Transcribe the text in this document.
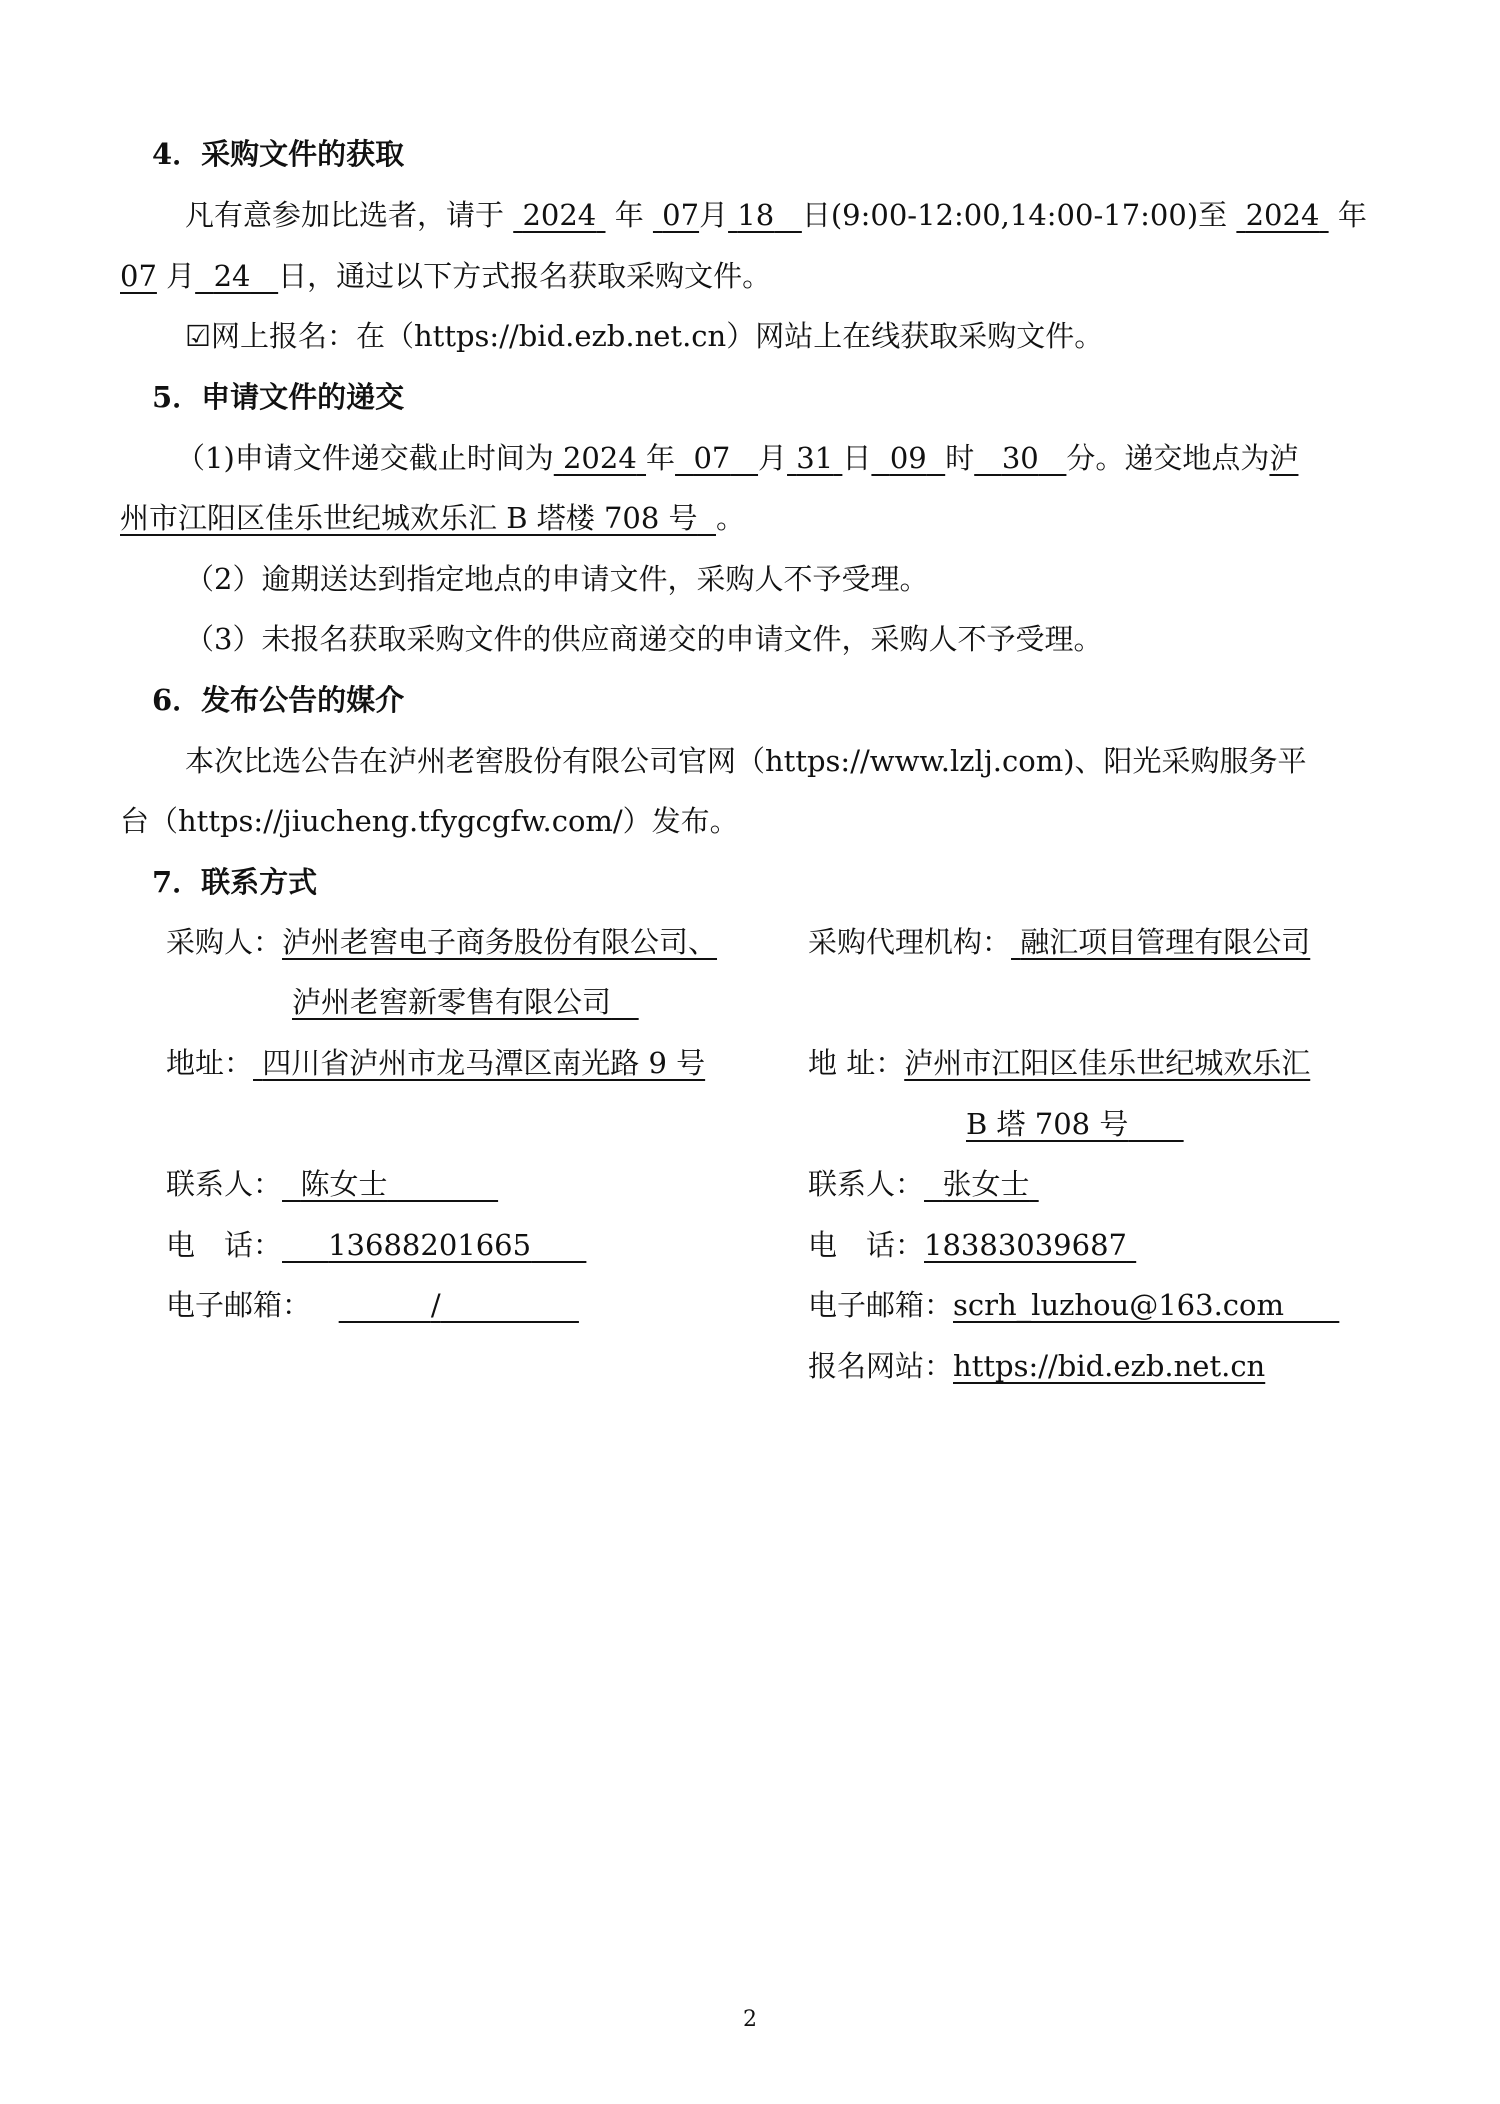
4．采购文件的获取
凡有意参加比选者，请于 2024 年 07月 18 日(9:00-12:00,14:00-17:00)至 2024 年
07 月 24 日，通过以下方式报名获取采购文件。
☑网上报名：在（https://bid.ezb.net.cn）网站上在线获取采购文件。
5．申请文件的递交
（1)申请文件递交截止时间为 2024 年 07 月 31 日 09 时 30 分。递交地点为泸
州市江阳区佳乐世纪城欢乐汇 B 塔楼 708 号 。
（2）逾期送达到指定地点的申请文件，采购人不予受理。
（3）未报名获取采购文件的供应商递交的申请文件，采购人不予受理。
6．发布公告的媒介
本次比选公告在泸州老窖股份有限公司官网（https://www.lzlj.com)、阳光采购服务平
台（https://jiucheng.tfygcgfw.com/）发布。
7．联系方式
采购人：泸州老窖电子商务股份有限公司、
泸州老窖新零售有限公司
地址： 四川省泸州市龙马潭区南光路 9 号
联系人： 陈女士
电　话： 13688201665
电子邮箱：	/
采购代理机构： 融汇项目管理有限公司
地 址：泸州市江阳区佳乐世纪城欢乐汇
B 塔 708 号
联系人： 张女士
电　话：18383039687
电子邮箱：scrh_luzhou@163.com
报名网站：https://bid.ezb.net.cn
2
